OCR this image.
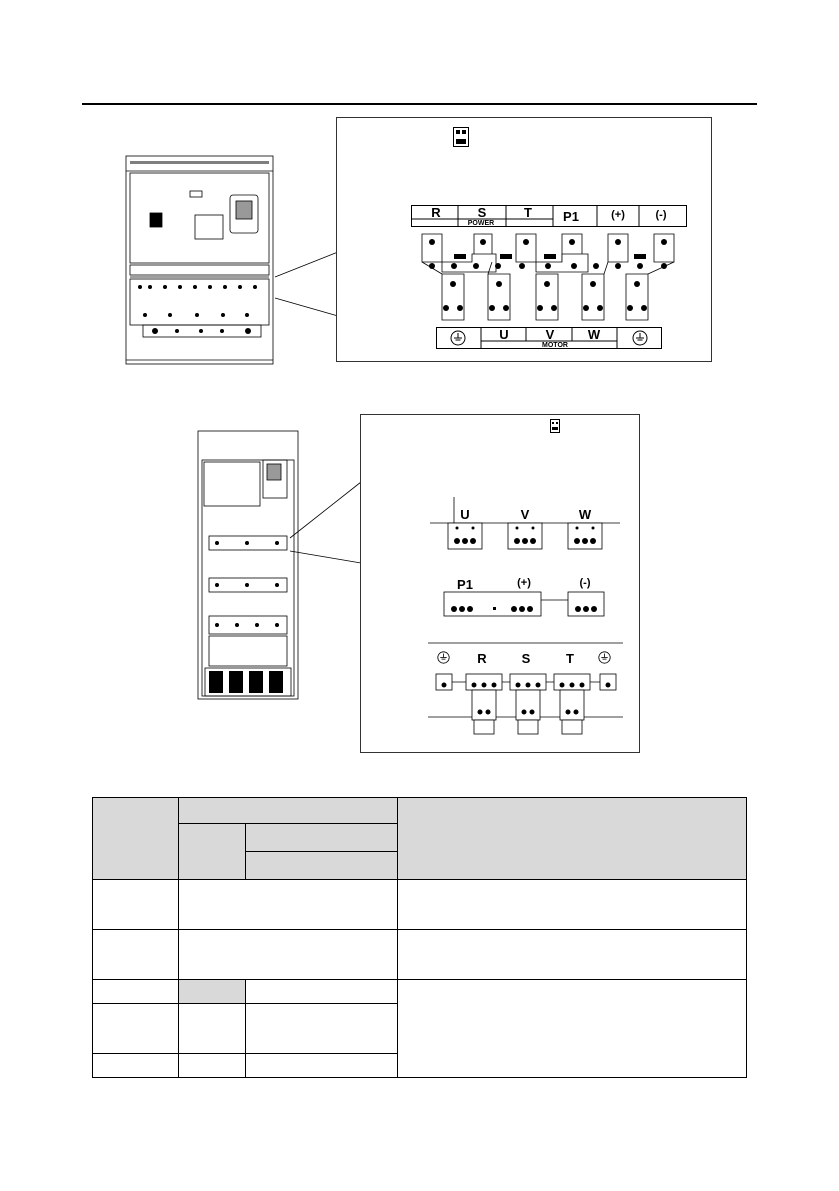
R	S	T	P1	(+)	(-)
POWER
U	V	W
MOTOR
U	V	W
P1	(+)	(-)
R	S	T
